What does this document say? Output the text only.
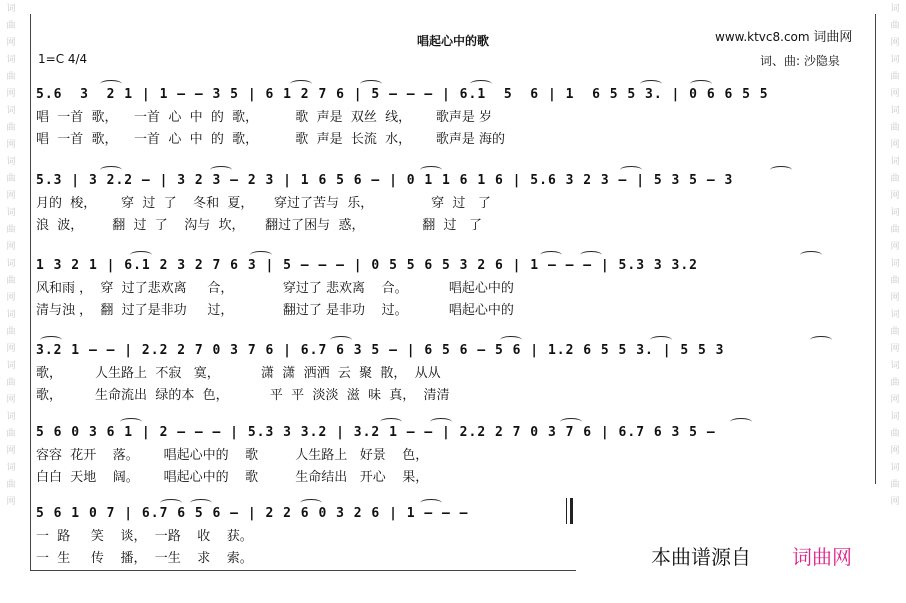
词
曲
网
词
曲
网
词
曲
网
词
曲
网
词
曲
网
词
曲
网
词
曲
网
词
曲
网
词
曲
网
词
曲
网
词
曲
网
词
曲
网
词
曲
网
词
曲
网
词
曲
网
词
曲
网
词
曲
网
词
曲
网
词
曲
网
词
曲
网
www.ktvc8.com 词曲网
唱起心中的歌
1=C 4/4	词、曲: 沙隐泉
5.6  3  2 1 | 1 — — 3 5 | 6 1 2 7 6 | 5 — — — | 6.1  5  6 | 1  6 5 5 3. | 0 6 6 5 5
唱  一首  歌，    一首  心  中  的  歌，         歌  声是  双丝  线，      歌声是 岁
唱  一首  歌，    一首  心  中  的  歌，         歌  声是  长流  水，      歌声是 海的
5.3 | 3 2.2 — | 3 2 3 — 2 3 | 1 6 5 6 — | 0 1 1 6 1 6 | 5.6 3 2 3 — | 5 3 5 — 3
月的  梭，      穿  过  了    冬和  夏，     穿过了苦与  乐，              穿  过   了
浪  波，       翻  过  了    沟与  坎，     翻过了困与  惑，              翻  过   了
1 3 2 1 | 6.1 2 3 2 7 6 3 | 5 — — — | 0 5 5 6 5 3 2 6 | 1 — — — | 5.3 3 3.2
风和雨 ，  穿  过了悲欢离     合，            穿过了 悲欢离    合。          唱起心中的
清与浊 ，  翻  过了是非功     过，            翻过了 是非功    过。          唱起心中的
3.2 1 — — | 2.2 2 7 0 3 7 6 | 6.7 6 3 5 — | 6 5 6 — 5 6 | 1.2 6 5 5 3. | 5 5 3
歌，        人生路上  不寂   寞，          潇  潇  洒洒  云  聚  散，  从从
歌，        生命流出  绿的本  色，          平  平  淡淡  滋  味  真，  清清
5 6 0 3 6 1 | 2 — — — | 5.3 3 3.2 | 3.2 1 — — | 2.2 2 7 0 3 7 6 | 6.7 6 3 5 —
容容  花开    落。      唱起心中的    歌         人生路上   好景    色，
白白  天地    阔。      唱起心中的    歌         生命结出   开心    果，
5 6 1 0 7 | 6.7 6 5 6 — | 2 2 6 0 3 2 6 | 1 — — —
一  路     笑    谈，  一路    收    获。
一  生     传    播，  一生    求    索。	本曲谱源自 词曲网
